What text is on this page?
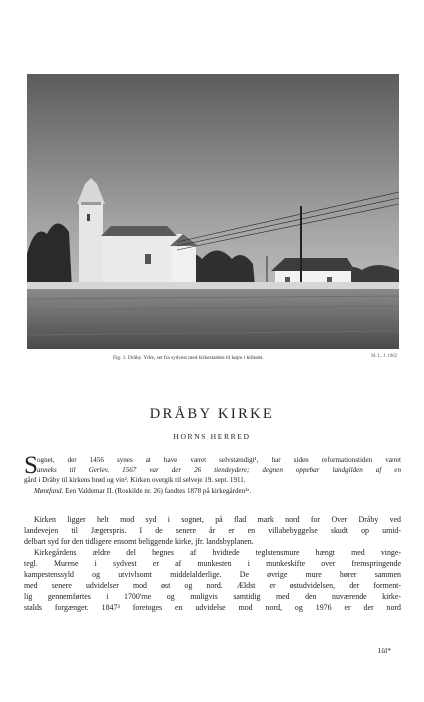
Fig. 1. Dråby. Ydre, set fra sydvest med kirkestalden til højre i billedet.	M. L. J. 1962
DRÅBY KIRKE
HORNS HERRED
S ognet, der 1456 synes at have været selvstændigt¹, har siden reformationstiden været
anneks til Gerlev. 1567 var der 26 tiendeydere; degnen oppebar landgilden af en
gård i Dråby til kirkens brød og vin². Kirken overgik til selveje 19. sept. 1911.
Møntfund. Een Valdemar II. (Roskilde nr. 26) fandtes 1878 på kirkegården²ᵃ.
Kirken ligger helt mod syd i sognet, på flad mark nord for Over Dråby ved
landevejen til Jægerspris. I de senere år er en villabebyggelse skudt op umid-
delbart syd for den tidligere ensomt beliggende kirke, jfr. landsbyplanen.
Kirkegårdens ældre del hegnes af hvidtede teglstensmure hængt med vinge-
tegl. Murene i sydvest er af munkesten i munkeskifte over fremspringende
kampestenssyld og utvivlsomt middelalderlige. De øvrige mure hører sammen
med senere udvidelser mod øst og nord. Ældst er østudvidelsen, der forment-
lig gennemførtes i 1700'rne og muligvis samtidig med den nuværende kirke-
stalds forgænger. 1847³ foretoges en udvidelse mod nord, og 1976 er der nord
1ül*
